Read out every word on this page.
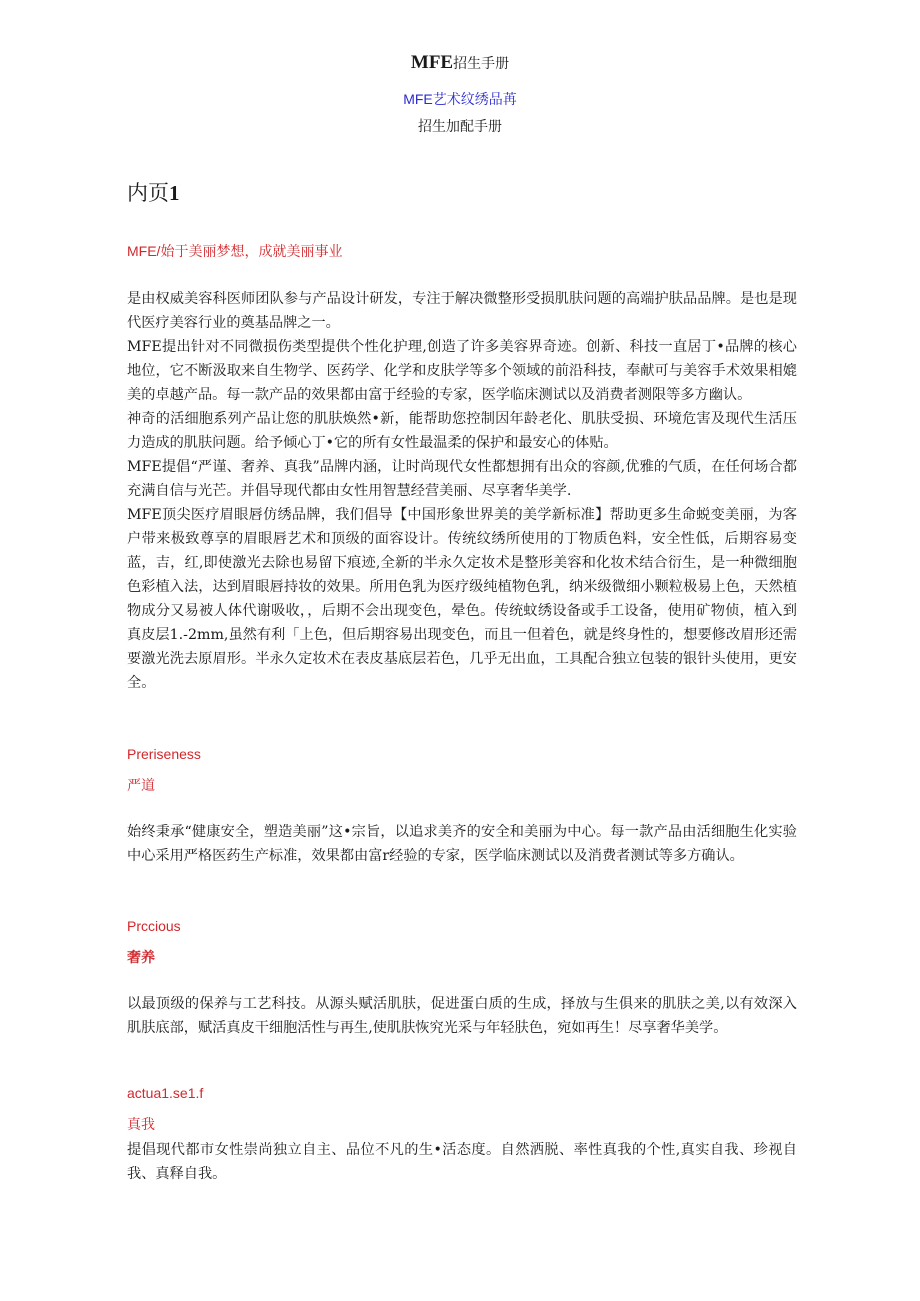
MFE招生手册
MFE艺术纹绣品苒
招生加配手册
内页1
MFE/始于美丽梦想，成就美丽事业

是由权威美容科医师团队参与产品设计研发，专注于解决微整形受损肌肤问题的高端护肤品品牌。是也是现代医疗美容行业的奠基品牌之一。

MFE提出针对不同微损伤类型提供个性化护理,创造了许多美容界奇迹。创新、科技一直居丁•品牌的核心地位，它不断汲取来自生物学、医药学、化学和皮肤学等多个领域的前沿科技，奉献可与美容手术效果相媲美的卓越产品。每一款产品的效果都由富于经验的专家，医学临床测试以及消费者测限等多方幽认。

神奇的活细胞系列产品让您的肌肤焕然•新，能帮助您控制因年龄老化、肌肤受损、环境危害及现代生活压力造成的肌肤问题。给予倾心丁•它的所有女性最温柔的保护和最安心的体贴。

MFE提倡“严谨、奢养、真我”品牌内涵，让时尚现代女性都想拥有出众的容颜,优雅的气质，在任何场合都充满自信与光芒。并倡导现代都由女性用智慧经营美丽、尽享奢华美学.

MFE顶尖医疗眉眼唇仿绣品牌，我们倡导【中国形象世界美的美学新标准】帮助更多生命蜕变美丽，为客户带来极致尊享的眉眼唇艺术和顶级的面容设计。传统纹绣所使用的丁物质色料，安全性低，后期容易变蓝，吉，红,即使激光去除也易留下痕迹,全新的半永久定妆术是整形美容和化妆术结合衍生，是一种微细胞色彩植入法，达到眉眼唇持妆的效果。所用色乳为医疗级纯植物色乳，纳米级微细小颗粒极易上色，天然植物成分又易被人体代谢吸收，，后期不会出现变色，晕色。传统蚊绣设备或手工设备，使用矿物侦，植入到真皮层1.-2mm,虽然有利「上色，但后期容易出现变色，而且一但着色，就是终身性的，想要修改眉形还需要激光洗去原眉形。半永久定妆术在表皮基底层若色，几乎无出血，工具配合独立包装的银针头使用，更安全。

Preriseness
严道

始终秉承“健康安全，塑造美丽”这•宗旨，以追求美齐的安全和美丽为中心。每一款产品由活细胞生化实验中心采用严格医药生产标准，效果都由富r经验的专家，医学临床测试以及消费者测试等多方确认。

Prccious
奢养

以最顶级的保养与工艺科技。从源头赋活肌肤，促进蛋白质的生成，择放与生俱来的肌肤之美,以有效深入肌肤底部，赋活真皮干细胞活性与再生,使肌肤恢究光采与年轻肤色，宛如再生！尽享奢华美学。

actua1.se1.f
真我

提倡现代都市女性崇尚独立自主、品位不凡的生•活态度。自然洒脱、率性真我的个性,真实自我、珍视自我、真释自我。
